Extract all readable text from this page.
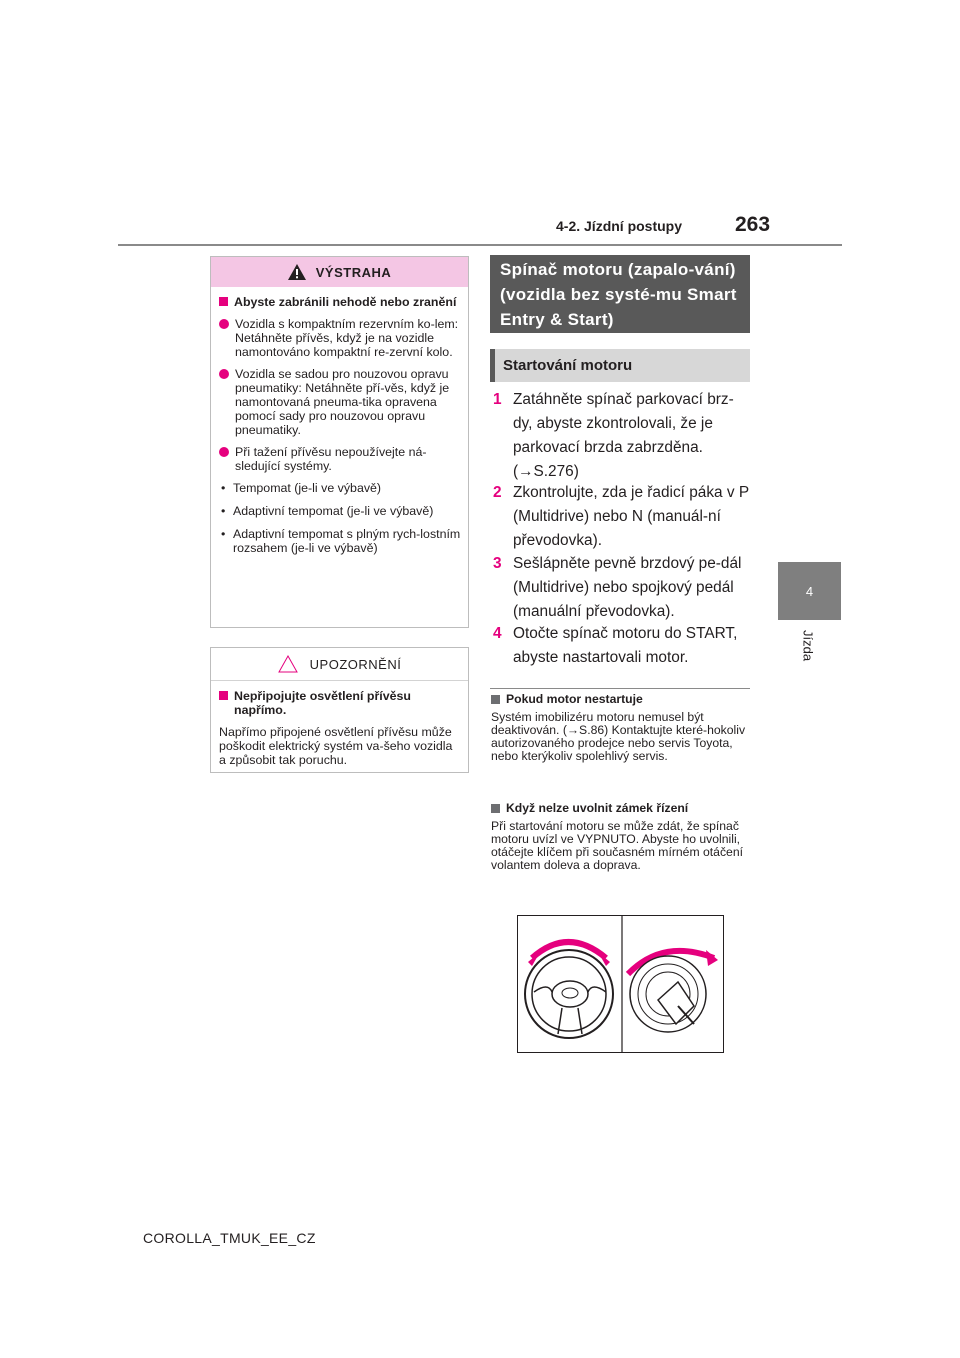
4-2. Jízdní postupy	263
4
Jízda
VÝSTRAHA
Abyste zabránili nehodě nebo zranění
Vozidla s kompaktním rezervním ko-lem: Netáhněte přívěs, když je na vozidle namontováno kompaktní re-zervní kolo.
Vozidla se sadou pro nouzovou opravu pneumatiky: Netáhněte pří-věs, když je namontovaná pneuma-tika opravena pomocí sady pro nouzovou opravu pneumatiky.
Při tažení přívěsu nepoužívejte ná-sledující systémy.
• Tempomat (je-li ve výbavě)
• Adaptivní tempomat (je-li ve výbavě)
• Adaptivní tempomat s plným rych-lostním rozsahem (je-li ve výbavě)
UPOZORNĚNÍ
Nepřipojujte osvětlení přívěsu napřímo.
Napřímo připojené osvětlení přívěsu může poškodit elektrický systém va-šeho vozidla a způsobit tak poruchu.
Spínač motoru (zapalo-vání) (vozidla bez systé-mu Smart Entry & Start)
Startování motoru
1 Zatáhněte spínač parkovací brz-dy, abyste zkontrolovali, že je parkovací brzda zabrzděna. (→S.276)
2 Zkontrolujte, zda je řadicí páka v P (Multidrive) nebo N (manuál-ní převodovka).
3 Sešlápněte pevně brzdový pe-dál (Multidrive) nebo spojkový pedál (manuální převodovka).
4 Otočte spínač motoru do START, abyste nastartovali motor.
Pokud motor nestartuje
Systém imobilizéru motoru nemusel být deaktivován. (→S.86) Kontaktujte které-hokoliv autorizovaného prodejce nebo servis Toyota, nebo kterýkoliv spolehlivý servis.
Když nelze uvolnit zámek řízení
Při startování motoru se může zdát, že spínač motoru uvízl ve VYPNUTO. Abyste ho uvolnili, otáčejte klíčem při současném mírném otáčení volantem doleva a doprava.
COROLLA_TMUK_EE_CZ
